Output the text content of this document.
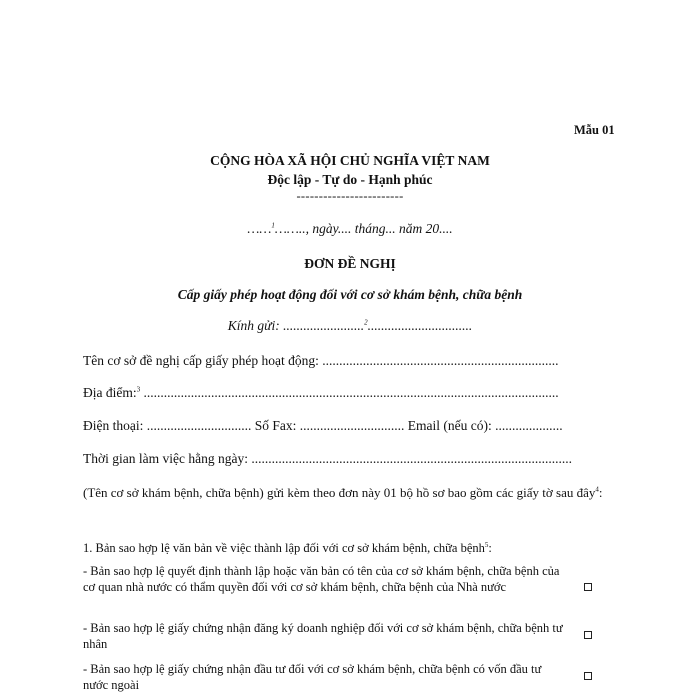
Mẫu 01
CỘNG HÒA XÃ HỘI CHỦ NGHĨA VIỆT NAM
Độc lập - Tự do - Hạnh phúc
------------------------
……$^1$…….., ngày.... tháng... năm 20....
ĐƠN ĐỀ NGHỊ
Cấp giấy phép hoạt động đối với cơ sở khám bệnh, chữa bệnh
Kính gửi: ........................$^2$...............................
Tên cơ sở đề nghị cấp giấy phép hoạt động: ......................................................................
Địa điểm:$^3$ ...........................................................................................................................
Điện thoại: ............................... Số Fax: ............................... Email (nếu có): ....................
Thời gian làm việc hằng ngày: ...............................................................................................
(Tên cơ sở khám bệnh, chữa bệnh) gửi kèm theo đơn này 01 bộ hồ sơ bao gồm các giấy tờ sau đây$^4$:
1. Bản sao hợp lệ văn bản về việc thành lập đối với cơ sở khám bệnh, chữa bệnh$^5$:
- Bản sao hợp lệ quyết định thành lập hoặc văn bản có tên của cơ sở khám bệnh, chữa bệnh của cơ quan nhà nước có thẩm quyền đối với cơ sở khám bệnh, chữa bệnh của Nhà nước
- Bản sao hợp lệ giấy chứng nhận đăng ký doanh nghiệp đối với cơ sở khám bệnh, chữa bệnh tư nhân
- Bản sao hợp lệ giấy chứng nhận đầu tư đối với cơ sở khám bệnh, chữa bệnh có vốn đầu tư nước ngoài
